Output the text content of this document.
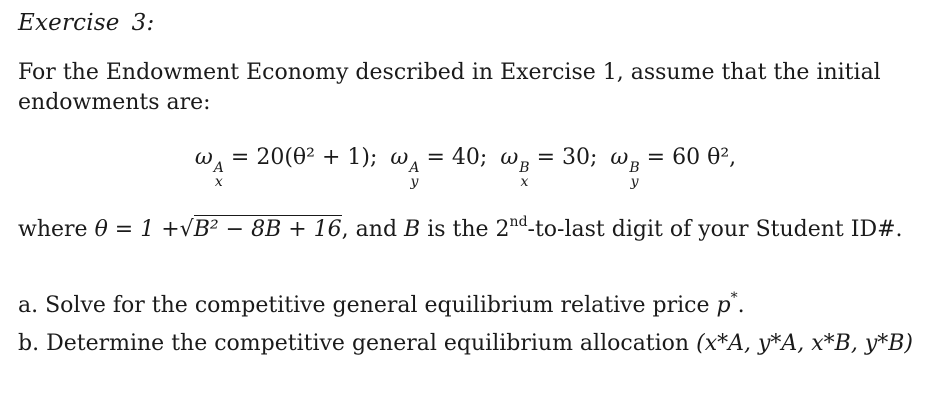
Exercise 3:
For the Endowment Economy described in Exercise 1, assume that the initial endowments are:
ω A
x
= 20(θ² + 1); ω A
y
= 40; ω B
x
= 30; ω B
y
= 60 θ²,
where θ = 1 +√B² − 8B + 16, and B is the 2nd-to-last digit of your Student ID#.
a. Solve for the competitive general equilibrium relative price p*.
b. Determine the competitive general equilibrium allocation (x*A, y*A, x*B, y*B)
